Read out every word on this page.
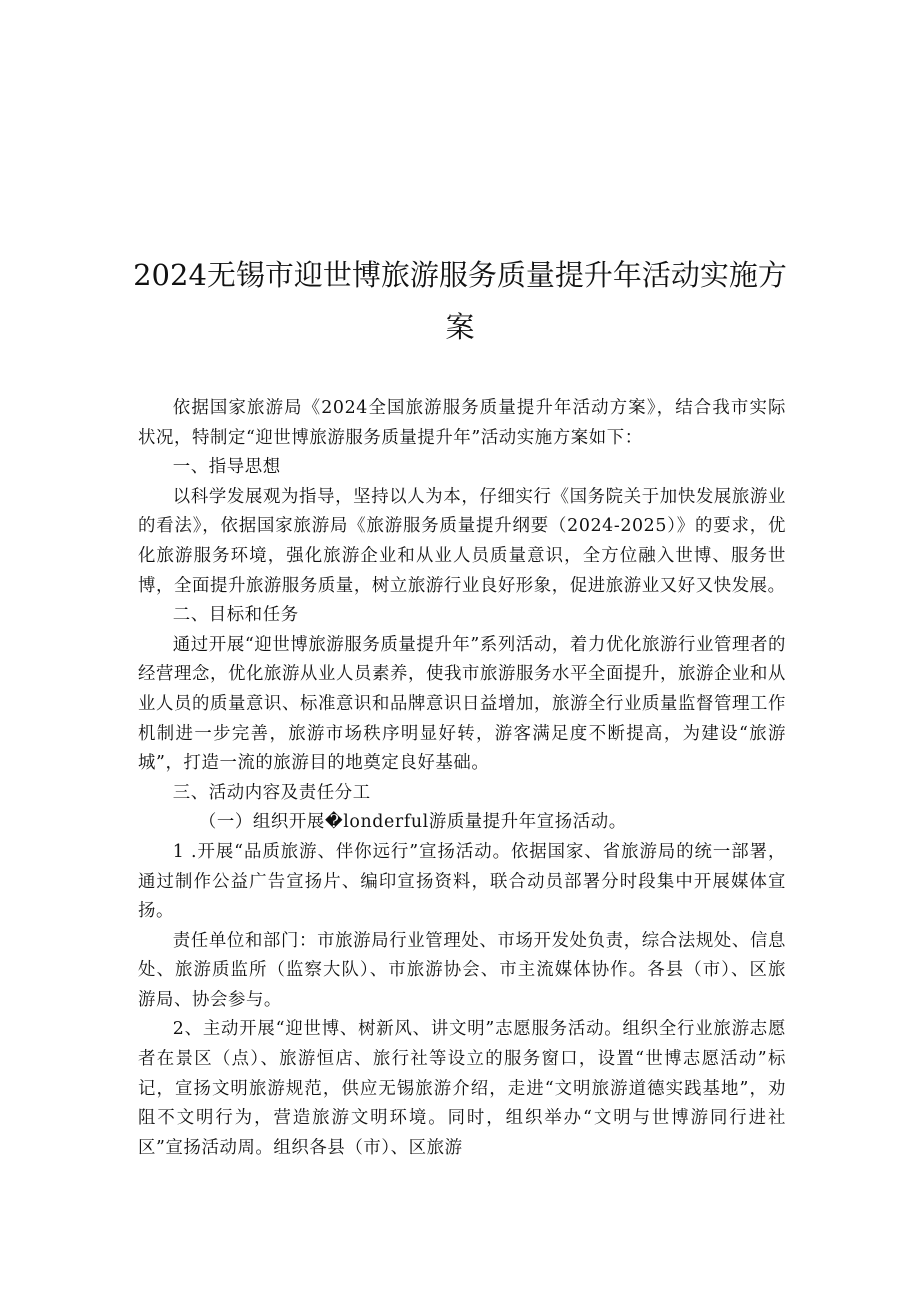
2024无锡市迎世博旅游服务质量提升年活动实施方
案

依据国家旅游局《2024全国旅游服务质量提升年活动方案》，结合我市实际状况，特制定“迎世博旅游服务质量提升年”活动实施方案如下：

一、指导思想

以科学发展观为指导，坚持以人为本，仔细实行《国务院关于加快发展旅游业的看法》，依据国家旅游局《旅游服务质量提升纲要（2024-2025）》的要求，优化旅游服务环境，强化旅游企业和从业人员质量意识，全方位融入世博、服务世博，全面提升旅游服务质量，树立旅游行业良好形象，促进旅游业又好又快发展。

二、目标和任务

通过开展“迎世博旅游服务质量提升年”系列活动，着力优化旅游行业管理者的经营理念，优化旅游从业人员素养，使我市旅游服务水平全面提升，旅游企业和从业人员的质量意识、标准意识和品牌意识日益增加，旅游全行业质量监督管理工作机制进一步完善，旅游市场秩序明显好转，游客满足度不断提高，为建设“旅游城”，打造一流的旅游目的地奠定良好基础。

三、活动内容及责任分工

（一）组织开展�londerful游质量提升年宣扬活动。

1 .开展“品质旅游、伴你远行”宣扬活动。依据国家、省旅游局的统一部署，通过制作公益广告宣扬片、编印宣扬资料，联合动员部署分时段集中开展媒体宣扬。

责任单位和部门：市旅游局行业管理处、市场开发处负责，综合法规处、信息处、旅游质监所（监察大队）、市旅游协会、市主流媒体协作。各县（市）、区旅游局、协会参与。

2、主动开展“迎世博、树新风、讲文明”志愿服务活动。组织全行业旅游志愿者在景区（点）、旅游恒店、旅行社等设立的服务窗口，设置“世博志愿活动”标记，宣扬文明旅游规范，供应无锡旅游介绍，走进“文明旅游道德实践基地”，劝阻不文明行为，营造旅游文明环境。同时，组织举办“文明与世博游同行进社区”宣扬活动周。组织各县（市）、区旅游
